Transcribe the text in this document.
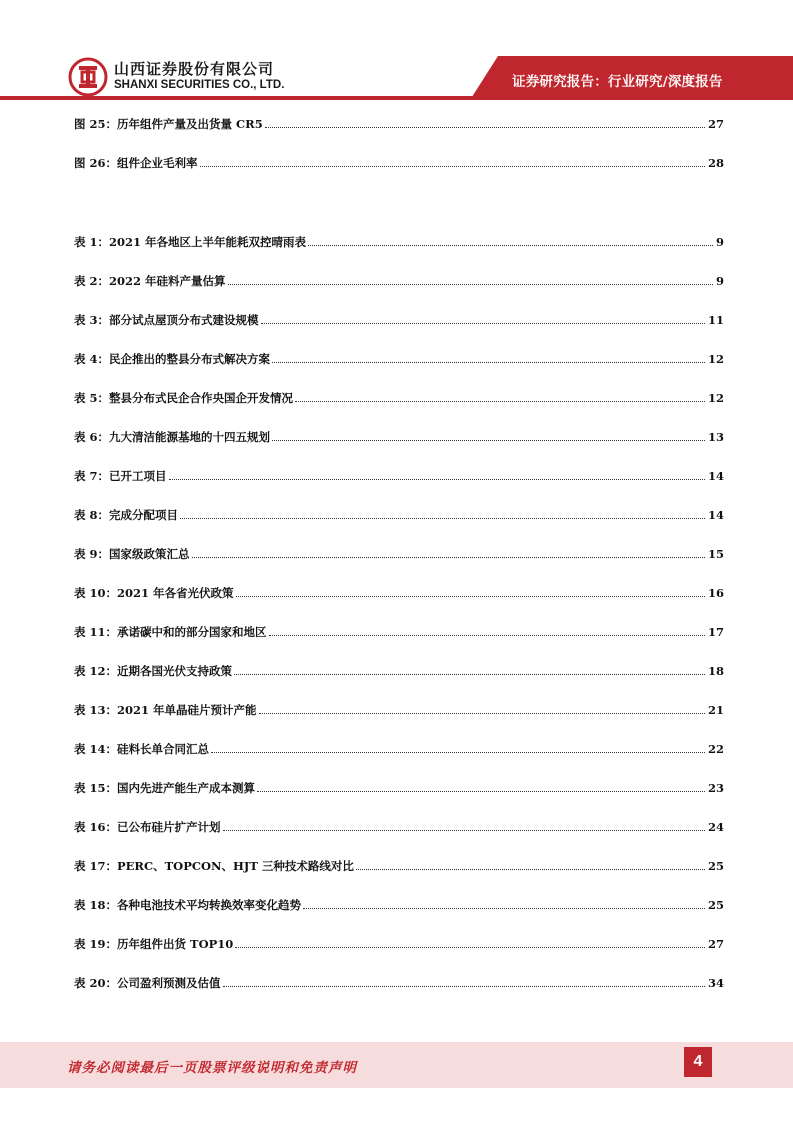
山西证券股份有限公司
SHANXI SECURITIES CO., LTD.	证券研究报告：行业研究/深度报告
图 25：历年组件产量及出货量 CR5	27
图 26：组件企业毛利率	28
表 1：2021 年各地区上半年能耗双控晴雨表	9
表 2：2022 年硅料产量估算	9
表 3：部分试点屋顶分布式建设规模	11
表 4：民企推出的整县分布式解决方案	12
表 5：整县分布式民企合作央国企开发情况	12
表 6：九大清洁能源基地的十四五规划	13
表 7：已开工项目	14
表 8：完成分配项目	14
表 9：国家级政策汇总	15
表 10：2021 年各省光伏政策	16
表 11：承诺碳中和的部分国家和地区	17
表 12：近期各国光伏支持政策	18
表 13：2021 年单晶硅片预计产能	21
表 14：硅料长单合同汇总	22
表 15：国内先进产能生产成本测算	23
表 16：已公布硅片扩产计划	24
表 17：PERC、TOPCON、HJT 三种技术路线对比	25
表 18：各种电池技术平均转换效率变化趋势	25
表 19：历年组件出货 TOP10	27
表 20：公司盈利预测及估值	34
请务必阅读最后一页股票评级说明和免责声明	4
